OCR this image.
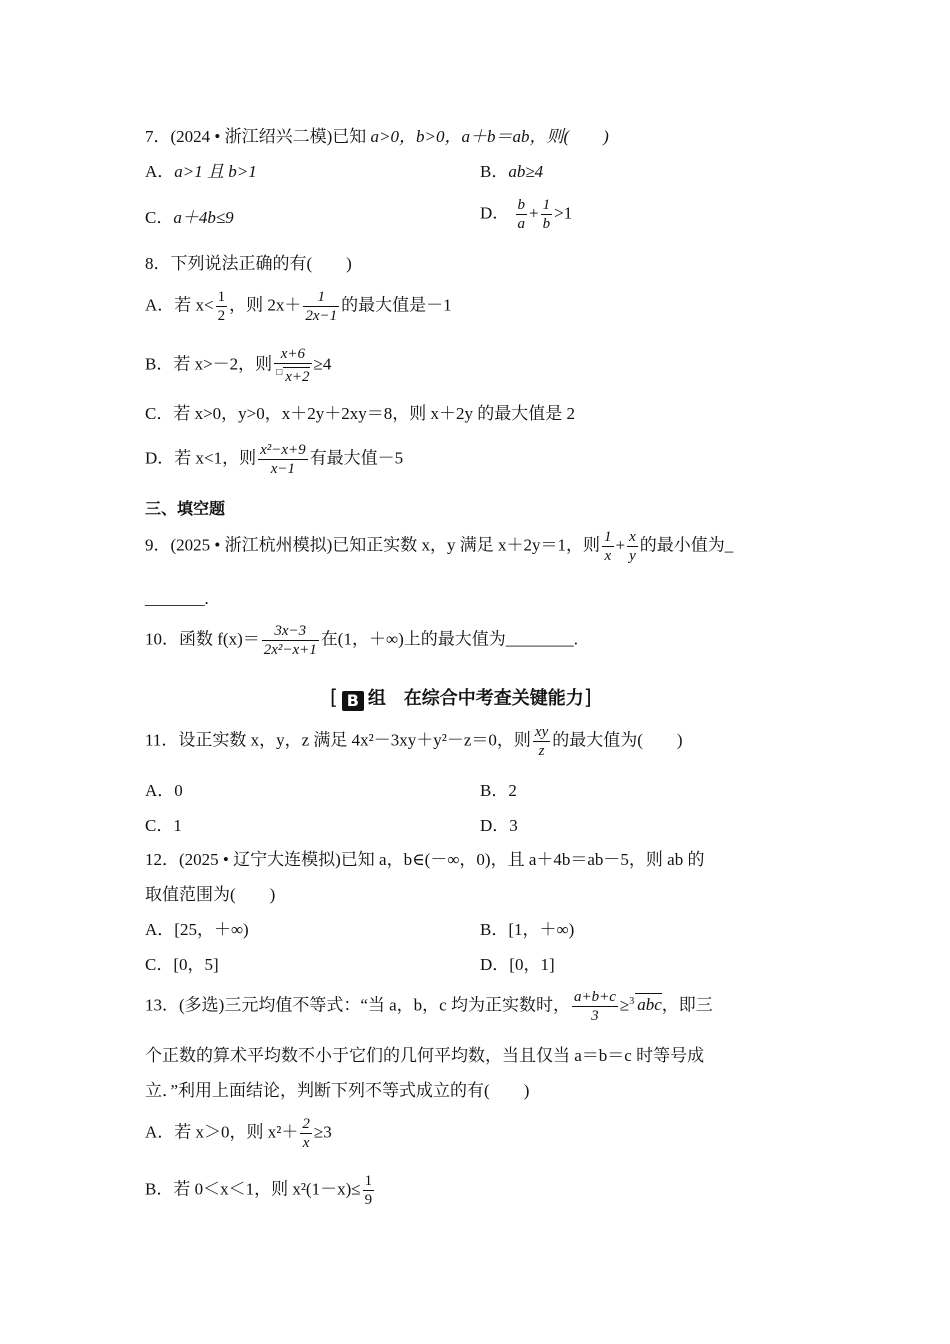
7．(2024 • 浙江绍兴二模)已知 a>0，b>0，a＋b＝ab，则(　　)
A．a>1 且 b>1	B．ab≥4
C．a＋4b≤9	D． $\frac{b}{a} + \frac{1}{b} >1$
8．下列说法正确的有(　　)
A．若 $x< \frac{1}{2}$ ，则 $2x+ \frac{1}{2x-1}$ 的最大值是－1
B．若 x>－2，则 $\frac{x+6}{^□ x+2} \ge 4$
C．若 x>0，y>0，x＋2y＋2xy＝8，则 x＋2y 的最大值是 2
D．若 x<1，则 $\frac{\text{x²−x+9}}{x-1}$ 有最大值－5
三、填空题
9．(2025 • 浙江杭州模拟)已知正实数 x，y 满足 x＋2y＝1，则 $\frac{1}{x} + \frac{x}{y}$ 的最小值为_
_______.
10．函数 $f(x)= \frac{3x-3}{\text{2x²−x+1}}$ 在(1，＋∞)上的最大值为________.
[ B 组　在综合中考查关键能力]
11．设正实数 x，y，z 满足 4x²－3xy＋y²－z＝0，则 $\frac{xy}{z}$ 的最大值为(　　)
A．0	B．2
C．1	D．3
12．(2025 • 辽宁大连模拟)已知 a，b∈(－∞，0)，且 a＋4b＝ab－5，则 ab 的
取值范围为(　　)
A．[25，＋∞)	B．[1，＋∞)
C．[0，5]	D．[0，1]
13．(多选)三元均值不等式：“当 a，b，c 均为正实数时， $\frac{a+b+c}{3} \ge^3$ abc，即三
个正数的算术平均数不小于它们的几何平均数，当且仅当 a＝b＝c 时等号成
立．”利用上面结论，判断下列不等式成立的有(　　)
A．若 x＞0，则 $x^2+ \frac{2}{x} \ge 3$
B．若 0＜x＜1，则 $x^2(1-x)\le \frac{1}{9}$
